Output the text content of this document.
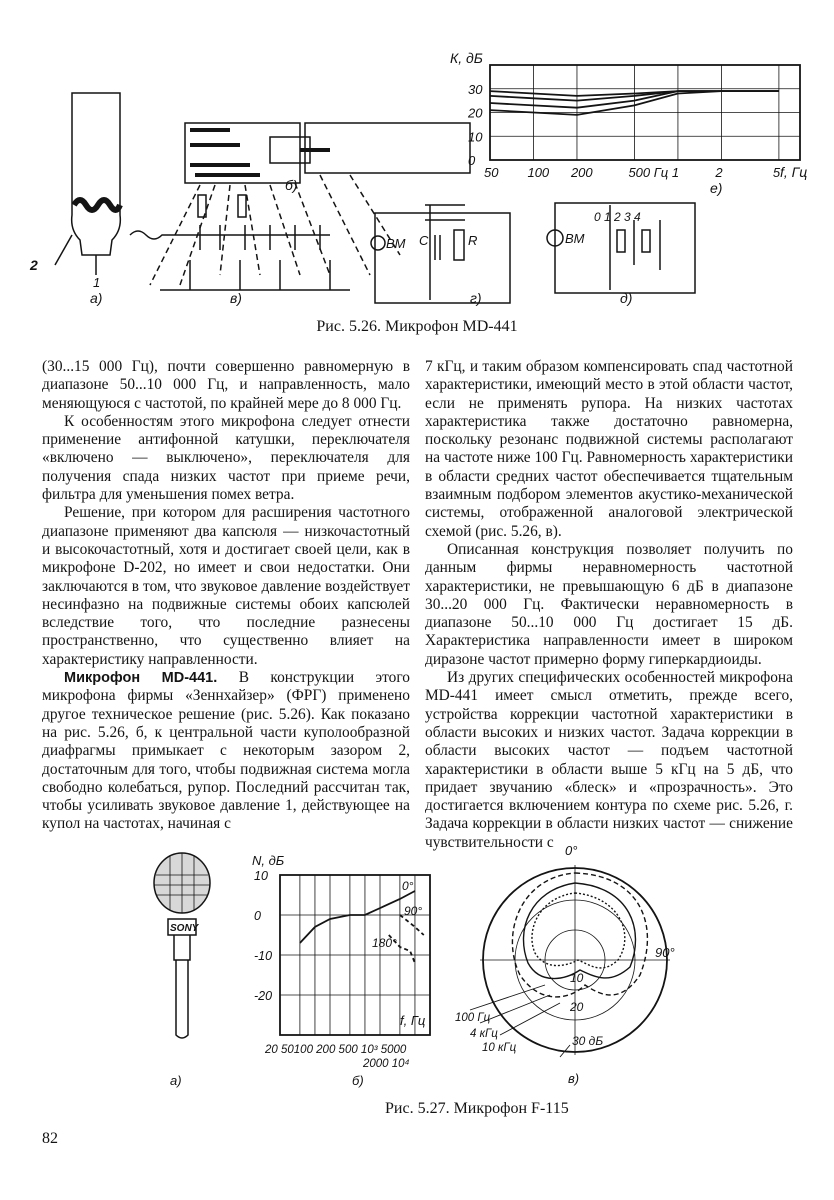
30
20
10
0
50 100 200	500 Гц 1	2	5
К, дБ
f, Гц
а)
2
1
б)
в)
ВМ C	R
г)
ВМ
0 1 2 3 4
д)
е)
Рис. 5.26. Микрофон MD-441

(30...15 000 Гц), почти совершенно равномерную в диапазоне 50...10 000 Гц, и направленность, мало меняющуюся с частотой, по крайней мере до 8 000 Гц.

К особенностям этого микрофона следует отнести применение антифонной катушки, переключателя «включено — выключено», переключателя для получения спада низких частот при приеме речи, фильтра для уменьшения помех ветра.

Решение, при котором для расширения частотного диапазоне применяют два капсюля — низкочастотный и высокочастотный, хотя и достигает своей цели, как в микрофоне D-202, но имеет и свои недостатки. Они заключаются в том, что звуковое давление воздействует несинфазно на подвижные системы обоих капсюлей вследствие того, что последние разнесены пространственно, что существенно влияет на характеристику направленности.

Микрофон MD-441. В конструкции этого микрофона фирмы «Зеннхайзер» (ФРГ) применено другое техническое решение (рис. 5.26). Как показано на рис. 5.26, б, к центральной части куполообразной диафрагмы примыкает с некоторым зазором 2, достаточным для того, чтобы подвижная система могла свободно колебаться, рупор. Последний рассчитан так, чтобы усиливать звуковое давление 1, действующее на купол на частотах, начиная с

7 кГц, и таким образом компенсировать спад частотной характеристики, имеющий место в этой области частот, если не применять рупора. На низких частотах характеристика также достаточно равномерна, поскольку резонанс подвижной системы располагают на частоте ниже 100 Гц. Равномерность характеристики в области средних частот обеспечивается тщательным взаимным подбором элементов акустико-механической системы, отображенной аналоговой электрической схемой (рис. 5.26, в).

Описанная конструкция позволяет получить по данным фирмы неравномерность частотной характеристики, не превышающую 6 дБ в диапазоне 30...20 000 Гц. Фактически неравномерность в диапазоне 50...10 000 Гц достигает 15 дБ. Характеристика направленности имеет в широком диразоне частот примерно форму гиперкардиоиды.

Из других специфических особенностей микрофона MD-441 имеет смысл отметить, прежде всего, устройства коррекции частотной характеристики в области высоких и низких частот. Задача коррекции в области высоких частот — подъем частотной характеристики в области выше 5 кГц на 5 дБ, что придает звучанию «блеск» и «прозрачность». Это достигается включением контура по схеме рис. 5.26, г. Задача коррекции в области низких частот — снижение чувствительности с

SONY
а)
10
0
-10
-20
N, дБ
f, Гц
0°
90°
180°
20 50100 200 500 10³ 5000
2000 10⁴
б)
0°
90°
10
20
30 дБ
100 Гц
4 кГц
10 кГц
в)
Рис. 5.27. Микрофон F-115
82
